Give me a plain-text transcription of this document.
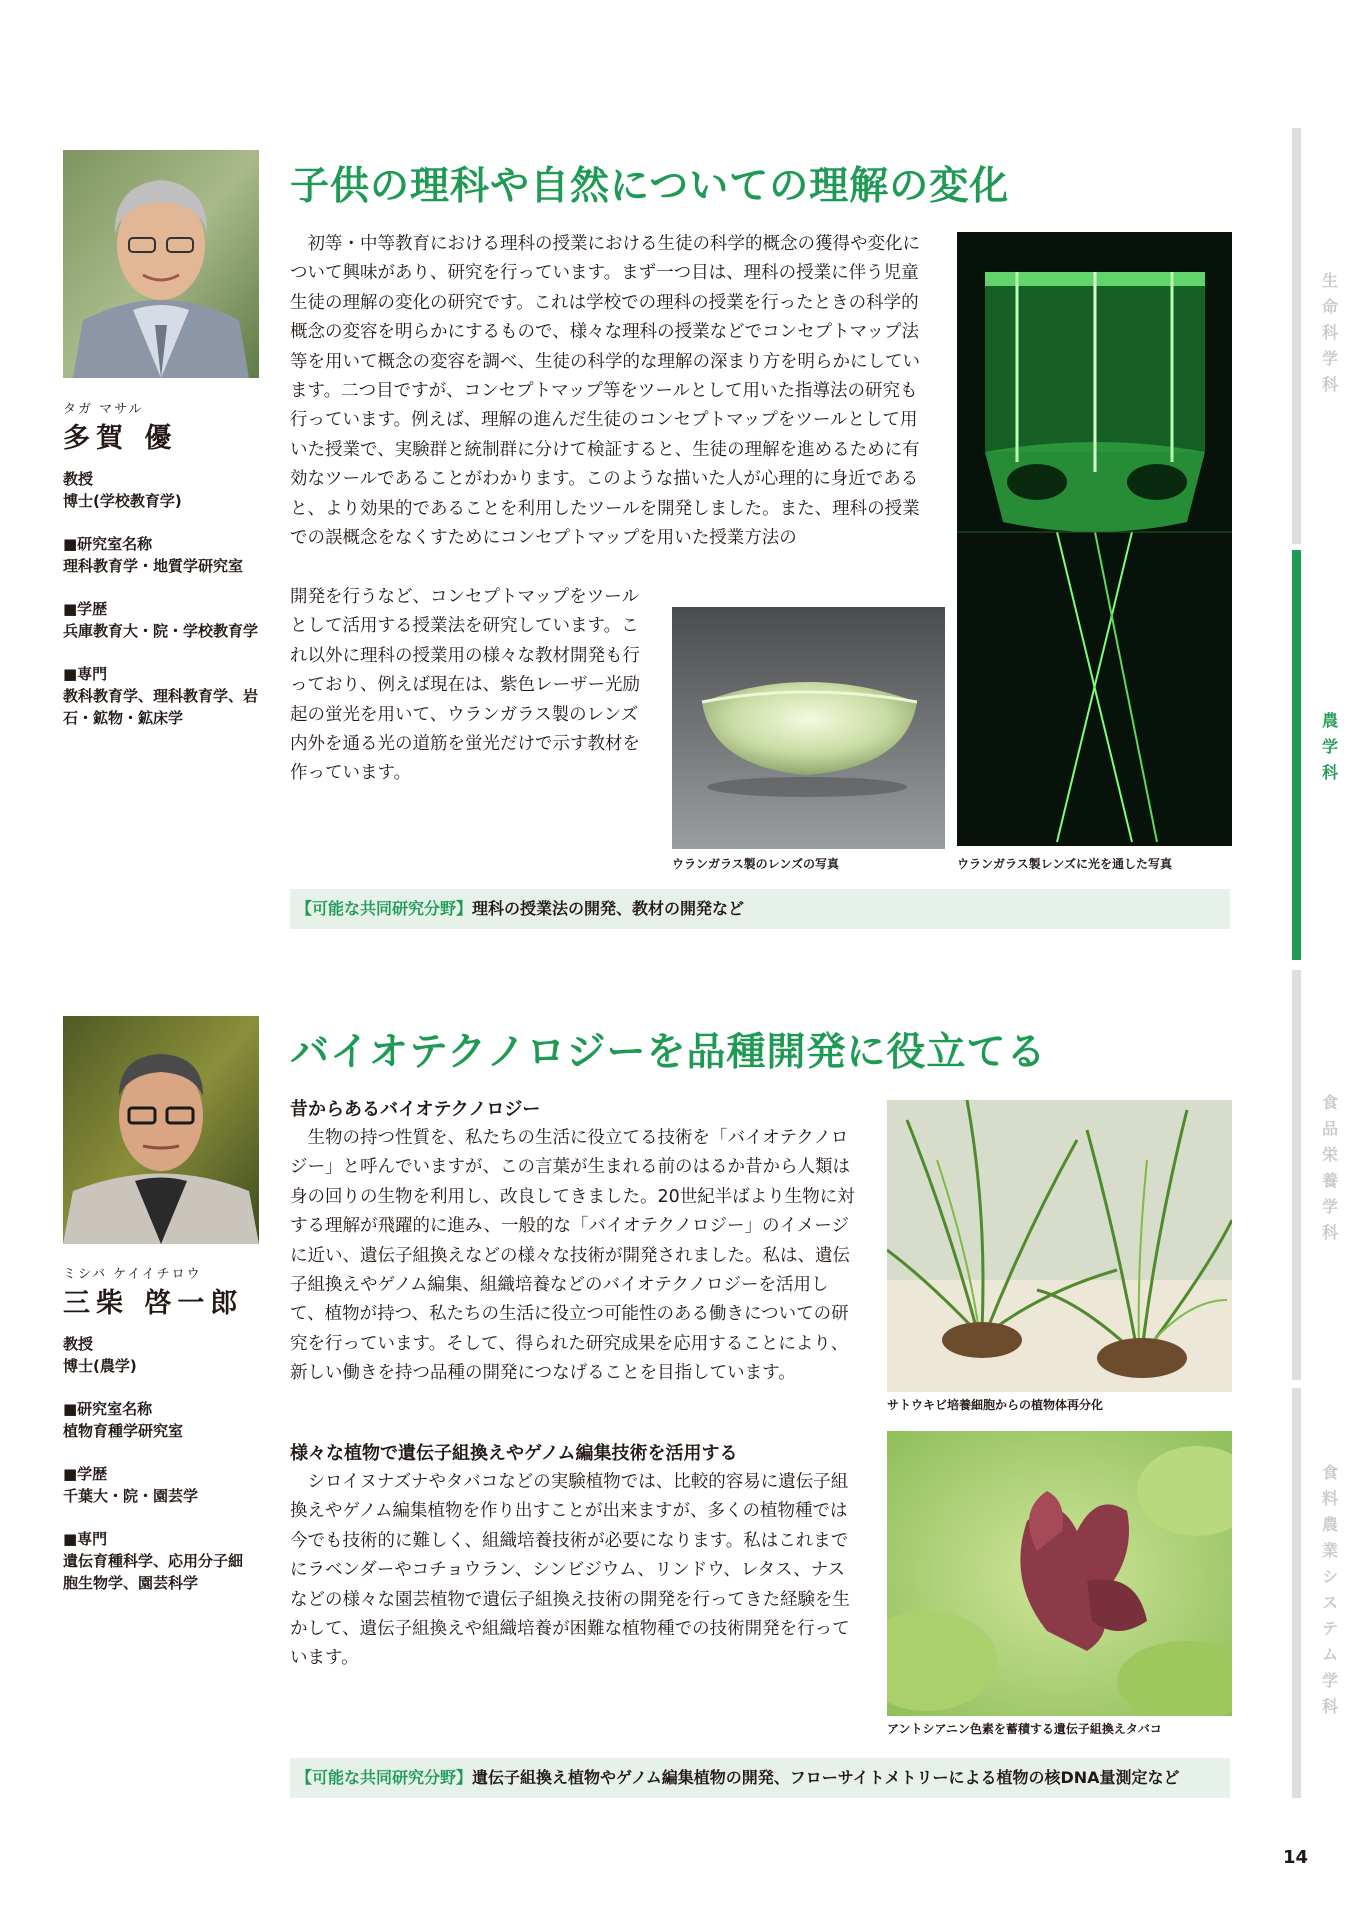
タガ マサル
多賀 優
教授
博士(学校教育学)
■研究室名称
理科教育学・地質学研究室
■学歴
兵庫教育大・院・学校教育学
■専門
教科教育学、理科教育学、岩
石・鉱物・鉱床学
子供の理科や自然についての理解の変化

初等・中等教育における理科の授業における生徒の科学的概念の獲得や変化について興味があり、研究を行っています。まず一つ目は、理科の授業に伴う児童生徒の理解の変化の研究です。これは学校での理科の授業を行ったときの科学的概念の変容を明らかにするもので、様々な理科の授業などでコンセプトマップ法等を用いて概念の変容を調べ、生徒の科学的な理解の深まり方を明らかにしています。二つ目ですが、コンセプトマップ等をツールとして用いた指導法の研究も行っています。例えば、理解の進んだ生徒のコンセプトマップをツールとして用いた授業で、実験群と統制群に分けて検証すると、生徒の理解を進めるために有効なツールであることがわかります。このような描いた人が心理的に身近であると、より効果的であることを利用したツールを開発しました。また、理科の授業での誤概念をなくすためにコンセプトマップを用いた授業方法の

開発を行うなど、コンセプトマップをツールとして活用する授業法を研究しています。これ以外に理科の授業用の様々な教材開発も行っており、例えば現在は、紫色レーザー光励起の蛍光を用いて、ウランガラス製のレンズ内外を通る光の道筋を蛍光だけで示す教材を作っています。

ウランガラス製のレンズの写真	ウランガラス製レンズに光を通した写真
【可能な共同研究分野】理科の授業法の開発、教材の開発など
ミシバ ケイイチロウ
三柴 啓一郎
教授
博士(農学)
■研究室名称
植物育種学研究室
■学歴
千葉大・院・園芸学
■専門
遺伝育種科学、応用分子細
胞生物学、園芸科学
バイオテクノロジーを品種開発に役立てる
昔からあるバイオテクノロジー

生物の持つ性質を、私たちの生活に役立てる技術を「バイオテクノロジー」と呼んでいますが、この言葉が生まれる前のはるか昔から人類は身の回りの生物を利用し、改良してきました。20世紀半ばより生物に対する理解が飛躍的に進み、一般的な「バイオテクノロジー」のイメージに近い、遺伝子組換えなどの様々な技術が開発されました。私は、遺伝子組換えやゲノム編集、組織培養などのバイオテクノロジーを活用して、植物が持つ、私たちの生活に役立つ可能性のある働きについての研究を行っています。そして、得られた研究成果を応用することにより、新しい働きを持つ品種の開発につなげることを目指しています。

様々な植物で遺伝子組換えやゲノム編集技術を活用する

シロイヌナズナやタバコなどの実験植物では、比較的容易に遺伝子組換えやゲノム編集植物を作り出すことが出来ますが、多くの植物種では今でも技術的に難しく、組織培養技術が必要になります。私はこれまでにラベンダーやコチョウラン、シンビジウム、リンドウ、レタス、ナスなどの様々な園芸植物で遺伝子組換え技術の開発を行ってきた経験を生かして、遺伝子組換えや組織培養が困難な植物種での技術開発を行っています。

サトウキビ培養細胞からの植物体再分化
アントシアニン色素を蓄積する遺伝子組換えタバコ
【可能な共同研究分野】遺伝子組換え植物やゲノム編集植物の開発、フローサイトメトリーによる植物の核DNA量測定など
生命科学科
農学科
食品栄養学科
食料農業システム学科
14
